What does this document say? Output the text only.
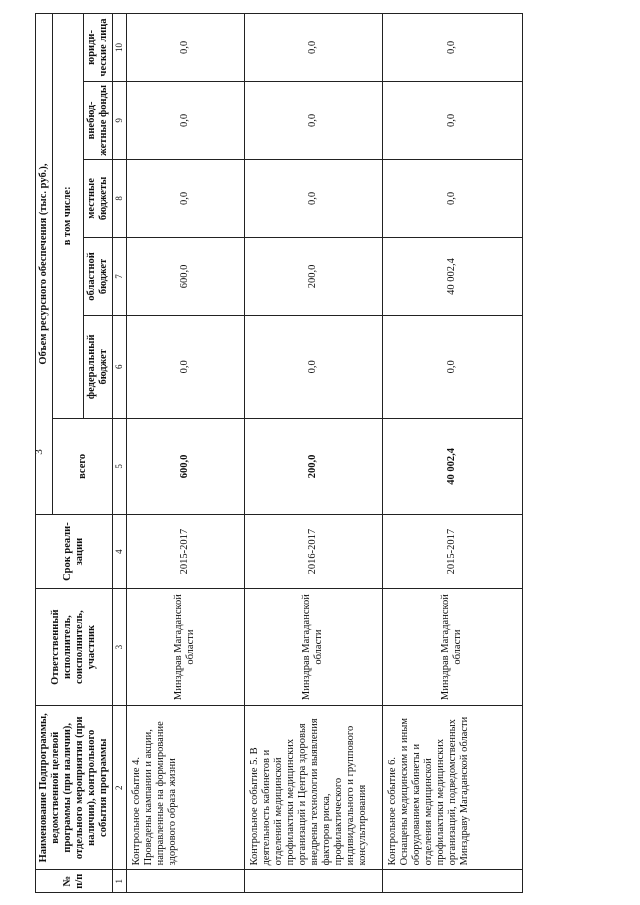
3
№ п/п	Наименование Подпрограммы, ведомственной целевой программы (при наличии), отдельного мероприятия (при наличии), контрольного события программы	Ответственный исполнитель, соисполнитель, участник	Срок реали-зации	Объем ресурсного обеспечения (тыс. руб.),					
				всего	в том числе:				
					федеральный бюджет	областной бюджет	местные бюджеты	внебюд-жетные фонды	юриди-ческие лица
1	2	3	4	5	6	7	8	9	10
	Контрольное событие 4. Проведены кампании и акции, направленные на формирование здорового образа жизни	Минздрав Магаданской области	2015-2017	600,0	0,0	600,0	0,0	0,0	0,0
	Контрольное событие 5. В деятельность кабинетов и отделений медицинской профилактики медицинских организаций и Центра здоровья внедрены технологии выявления факторов риска, профилактического индивидуального и группового консультирования	Минздрав Магаданской области	2016-2017	200,0	0,0	200,0	0,0	0,0	0,0
	Контрольное событие 6. Оснащены медицинским и иным оборудованием кабинеты и отделения медицинской профилактики медицинских организаций, подведомственных Минздраву Магаданской области	Минздрав Магаданской области	2015-2017	40 002,4	0,0	40 002,4	0,0	0,0	0,0
